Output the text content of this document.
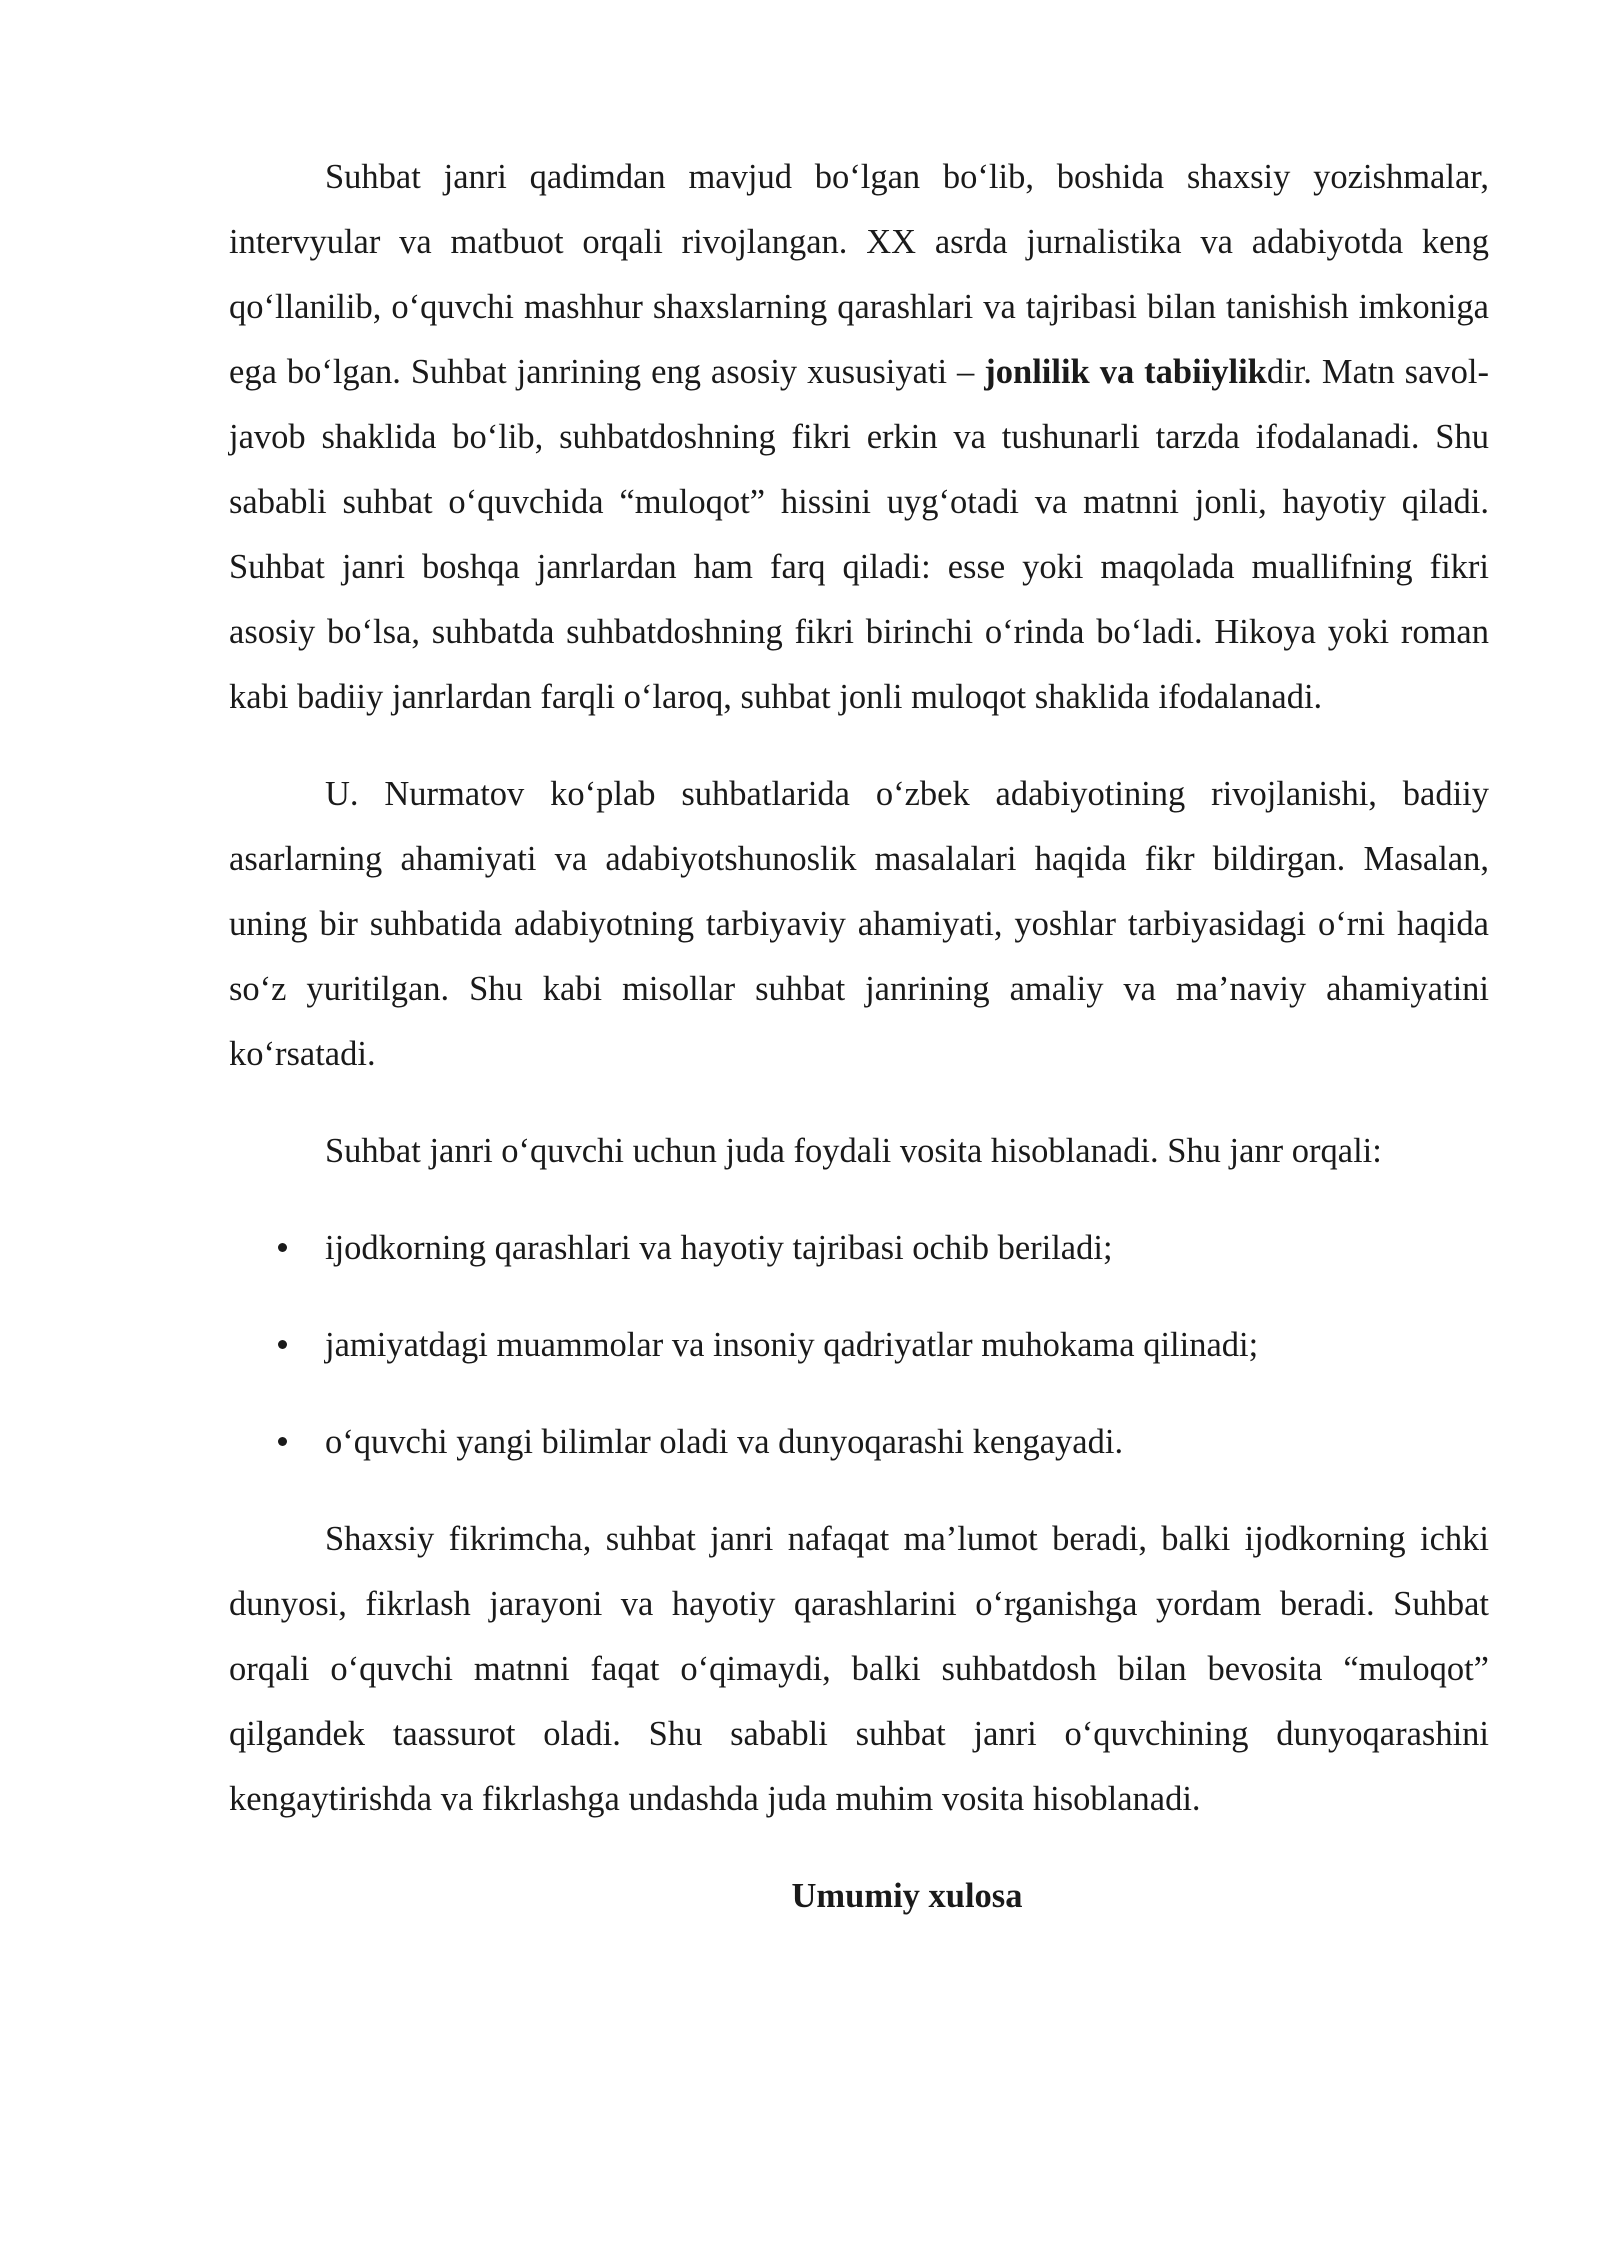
Suhbat janri qadimdan mavjud bo‘lgan bo‘lib, boshida shaxsiy yozishmalar, intervyular va matbuot orqali rivojlangan. XX asrda jurnalistika va adabiyotda keng qo‘llanilib, o‘quvchi mashhur shaxslarning qarashlari va tajribasi bilan tanishish imkoniga ega bo‘lgan. Suhbat janrining eng asosiy xususiyati – jonlilik va tabiiylikdir. Matn savol-javob shaklida bo‘lib, suhbatdoshning fikri erkin va tushunarli tarzda ifodalanadi. Shu sababli suhbat o‘quvchida “muloqot” hissini uyg‘otadi va matnni jonli, hayotiy qiladi. Suhbat janri boshqa janrlardan ham farq qiladi: esse yoki maqolada muallifning fikri asosiy bo‘lsa, suhbatda suhbatdoshning fikri birinchi o‘rinda bo‘ladi. Hikoya yoki roman kabi badiiy janrlardan farqli o‘laroq, suhbat jonli muloqot shaklida ifodalanadi.

U. Nurmatov ko‘plab suhbatlarida o‘zbek adabiyotining rivojlanishi, badiiy asarlarning ahamiyati va adabiyotshunoslik masalalari haqida fikr bildirgan. Masalan, uning bir suhbatida adabiyotning tarbiyaviy ahamiyati, yoshlar tarbiyasidagi o‘rni haqida so‘z yuritilgan. Shu kabi misollar suhbat janrining amaliy va ma’naviy ahamiyatini ko‘rsatadi.

Suhbat janri o‘quvchi uchun juda foydali vosita hisoblanadi. Shu janr orqali:

ijodkorning qarashlari va hayotiy tajribasi ochib beriladi;
jamiyatdagi muammolar va insoniy qadriyatlar muhokama qilinadi;
o‘quvchi yangi bilimlar oladi va dunyoqarashi kengayadi.

Shaxsiy fikrimcha, suhbat janri nafaqat ma’lumot beradi, balki ijodkorning ichki dunyosi, fikrlash jarayoni va hayotiy qarashlarini o‘rganishga yordam beradi. Suhbat orqali o‘quvchi matnni faqat o‘qimaydi, balki suhbatdosh bilan bevosita “muloqot” qilgandek taassurot oladi. Shu sababli suhbat janri o‘quvchining dunyoqarashini kengaytirishda va fikrlashga undashda juda muhim vosita hisoblanadi.

Umumiy xulosa
